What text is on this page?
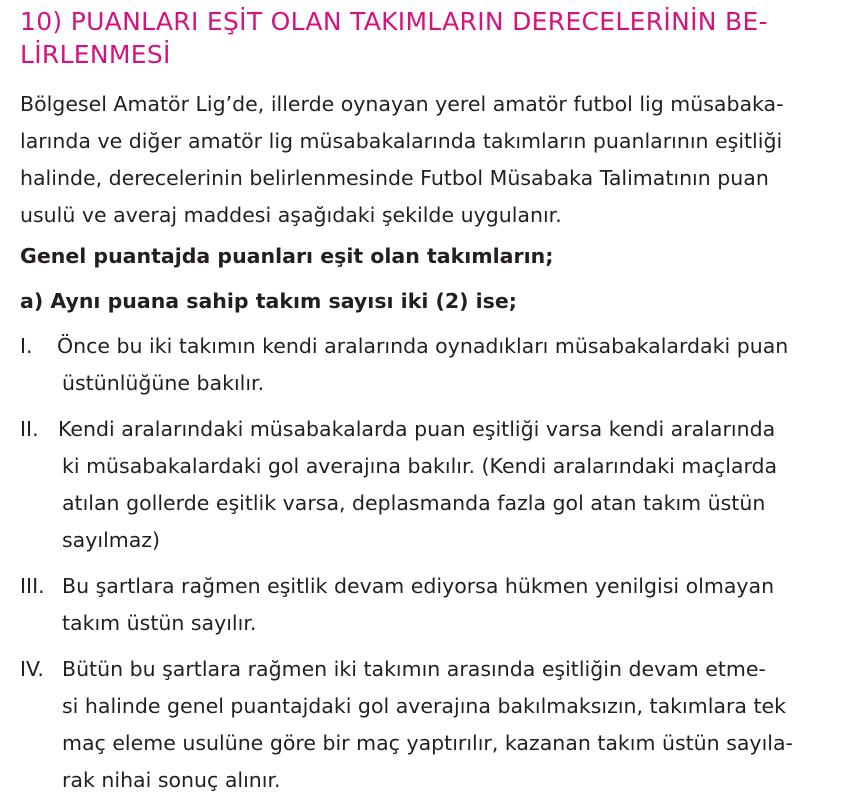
10) PUANLARI EŞİT OLAN TAKIMLARIN DERECELERİNİN BE-
LİRLENMESİ
Bölgesel Amatör Lig’de, illerde oynayan yerel amatör futbol lig müsabaka-
larında ve diğer amatör lig müsabakalarında takımların puanlarının eşitliği
halinde, derecelerinin belirlenmesinde Futbol Müsabaka Talimatının puan
usulü ve averaj maddesi aşağıdaki şekilde uygulanır.
Genel puantajda puanları eşit olan takımların;
a) Aynı puana sahip takım sayısı iki (2) ise;
I.	Önce bu iki takımın kendi aralarında oynadıkları müsabakalardaki puan
üstünlüğüne bakılır.
II. Kendi aralarındaki müsabakalarda puan eşitliği varsa kendi aralarında
ki müsabakalardaki gol averajına bakılır. (Kendi aralarındaki maçlarda
atılan gollerde eşitlik varsa, deplasmanda fazla gol atan takım üstün
sayılmaz)
III. Bu şartlara rağmen eşitlik devam ediyorsa hükmen yenilgisi olmayan
takım üstün sayılır.
IV. Bütün bu şartlara rağmen iki takımın arasında eşitliğin devam etme-
si halinde genel puantajdaki gol averajına bakılmaksızın, takımlara tek
maç eleme usulüne göre bir maç yaptırılır, kazanan takım üstün sayıla-
rak nihai sonuç alınır.
